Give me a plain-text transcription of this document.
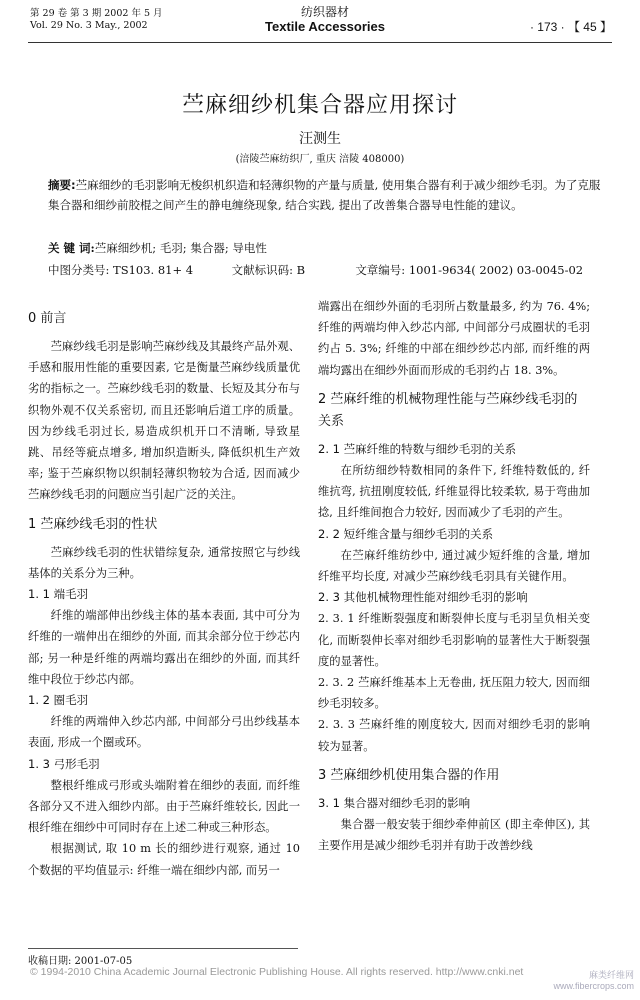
第 29 卷 第 3 期 2002 年 5 月
Vol. 29 No. 3 May., 2002
纺织器材
Textile Accessories	· 173 · 【 45 】
苎麻细纱机集合器应用探讨
汪测生
(涪陵苎麻纺织厂, 重庆 涪陵 408000)
摘要:苎麻细纱的毛羽影响无梭织机织造和轻薄织物的产量与质量, 使用集合器有利于减少细纱毛羽。为了克服集合器和细纱前胶棍之间产生的静电缠绕现象, 结合实践, 提出了改善集合器导电性能的建议。
关 键 词:苎麻细纱机; 毛羽; 集合器; 导电性
中图分类号: TS103. 81+ 4	文献标识码: B	文章编号: 1001-9634( 2002) 03-0045-02
0 前言

苎麻纱线毛羽是影响苎麻纱线及其最终产品外观、手感和服用性能的重要因素, 它是衡量苎麻纱线质量优劣的指标之一。苎麻纱线毛羽的数量、长短及其分布与织物外观不仅关系密切, 而且还影响后道工序的质量。因为纱线毛羽过长, 易造成织机开口不清晰, 导致星跳、吊经等疵点增多, 增加织造断头, 降低织机生产效率; 鉴于苎麻织物以织制轻薄织物较为合适, 因而减少苎麻纱线毛羽的问题应当引起广泛的关注。

1 苎麻纱线毛羽的性状

苎麻纱线毛羽的性状错综复杂, 通常按照它与纱线基体的关系分为三种。

1. 1 端毛羽

纤维的端部伸出纱线主体的基本表面, 其中可分为纤维的一端伸出在细纱的外面, 而其余部分位于纱芯内部; 另一种是纤维的两端均露出在细纱的外面, 而其纤维中段位于纱芯内部。

1. 2 圈毛羽

纤维的两端伸入纱芯内部, 中间部分弓出纱线基本表面, 形成一个圈或环。

1. 3 弓形毛羽

整根纤维成弓形或头端附着在细纱的表面, 而纤维各部分又不进入细纱内部。由于苎麻纤维较长, 因此一根纤维在细纱中可同时存在上述二种或三种形态。

根据测试, 取 10 m 长的细纱进行观察, 通过 10 个数据的平均值显示: 纤维一端在细纱内部, 而另一

端露出在细纱外面的毛羽所占数量最多, 约为 76. 4%; 纤维的两端均伸入纱芯内部, 中间部分弓成圈状的毛羽约占 5. 3%; 纤维的中部在细纱纱芯内部, 而纤维的两端均露出在细纱外面而形成的毛羽约占 18. 3%。

2 苎麻纤维的机械物理性能与苎麻纱线毛羽的关系
2. 1 苎麻纤维的特数与细纱毛羽的关系

在所纺细纱特数相同的条件下, 纤维特数低的, 纤维抗弯, 抗扭刚度较低, 纤维显得比较柔软, 易于弯曲加捻, 且纤维间抱合力较好, 因而减少了毛羽的产生。

2. 2 短纤维含量与细纱毛羽的关系

在苎麻纤维纺纱中, 通过减少短纤维的含量, 增加纤维平均长度, 对减少苎麻纱线毛羽具有关键作用。

2. 3 其他机械物理性能对细纱毛羽的影响

2. 3. 1 纤维断裂强度和断裂伸长度与毛羽呈负相关变化, 而断裂伸长率对细纱毛羽影响的显著性大于断裂强度的显著性。

2. 3. 2 苎麻纤维基本上无卷曲, 抚压阻力较大, 因而细纱毛羽较多。

2. 3. 3 苎麻纤维的刚度较大, 因而对细纱毛羽的影响较为显著。

3 苎麻细纱机使用集合器的作用
3. 1 集合器对细纱毛羽的影响

集合器一般安装于细纱牵伸前区 (即主牵伸区), 其主要作用是减少细纱毛羽并有助于改善纱线

收稿日期: 2001-07-05
© 1994-2010 China Academic Journal Electronic Publishing House. All rights reserved. http://www.cnki.net	麻类纤维网
www.fibercrops.com
